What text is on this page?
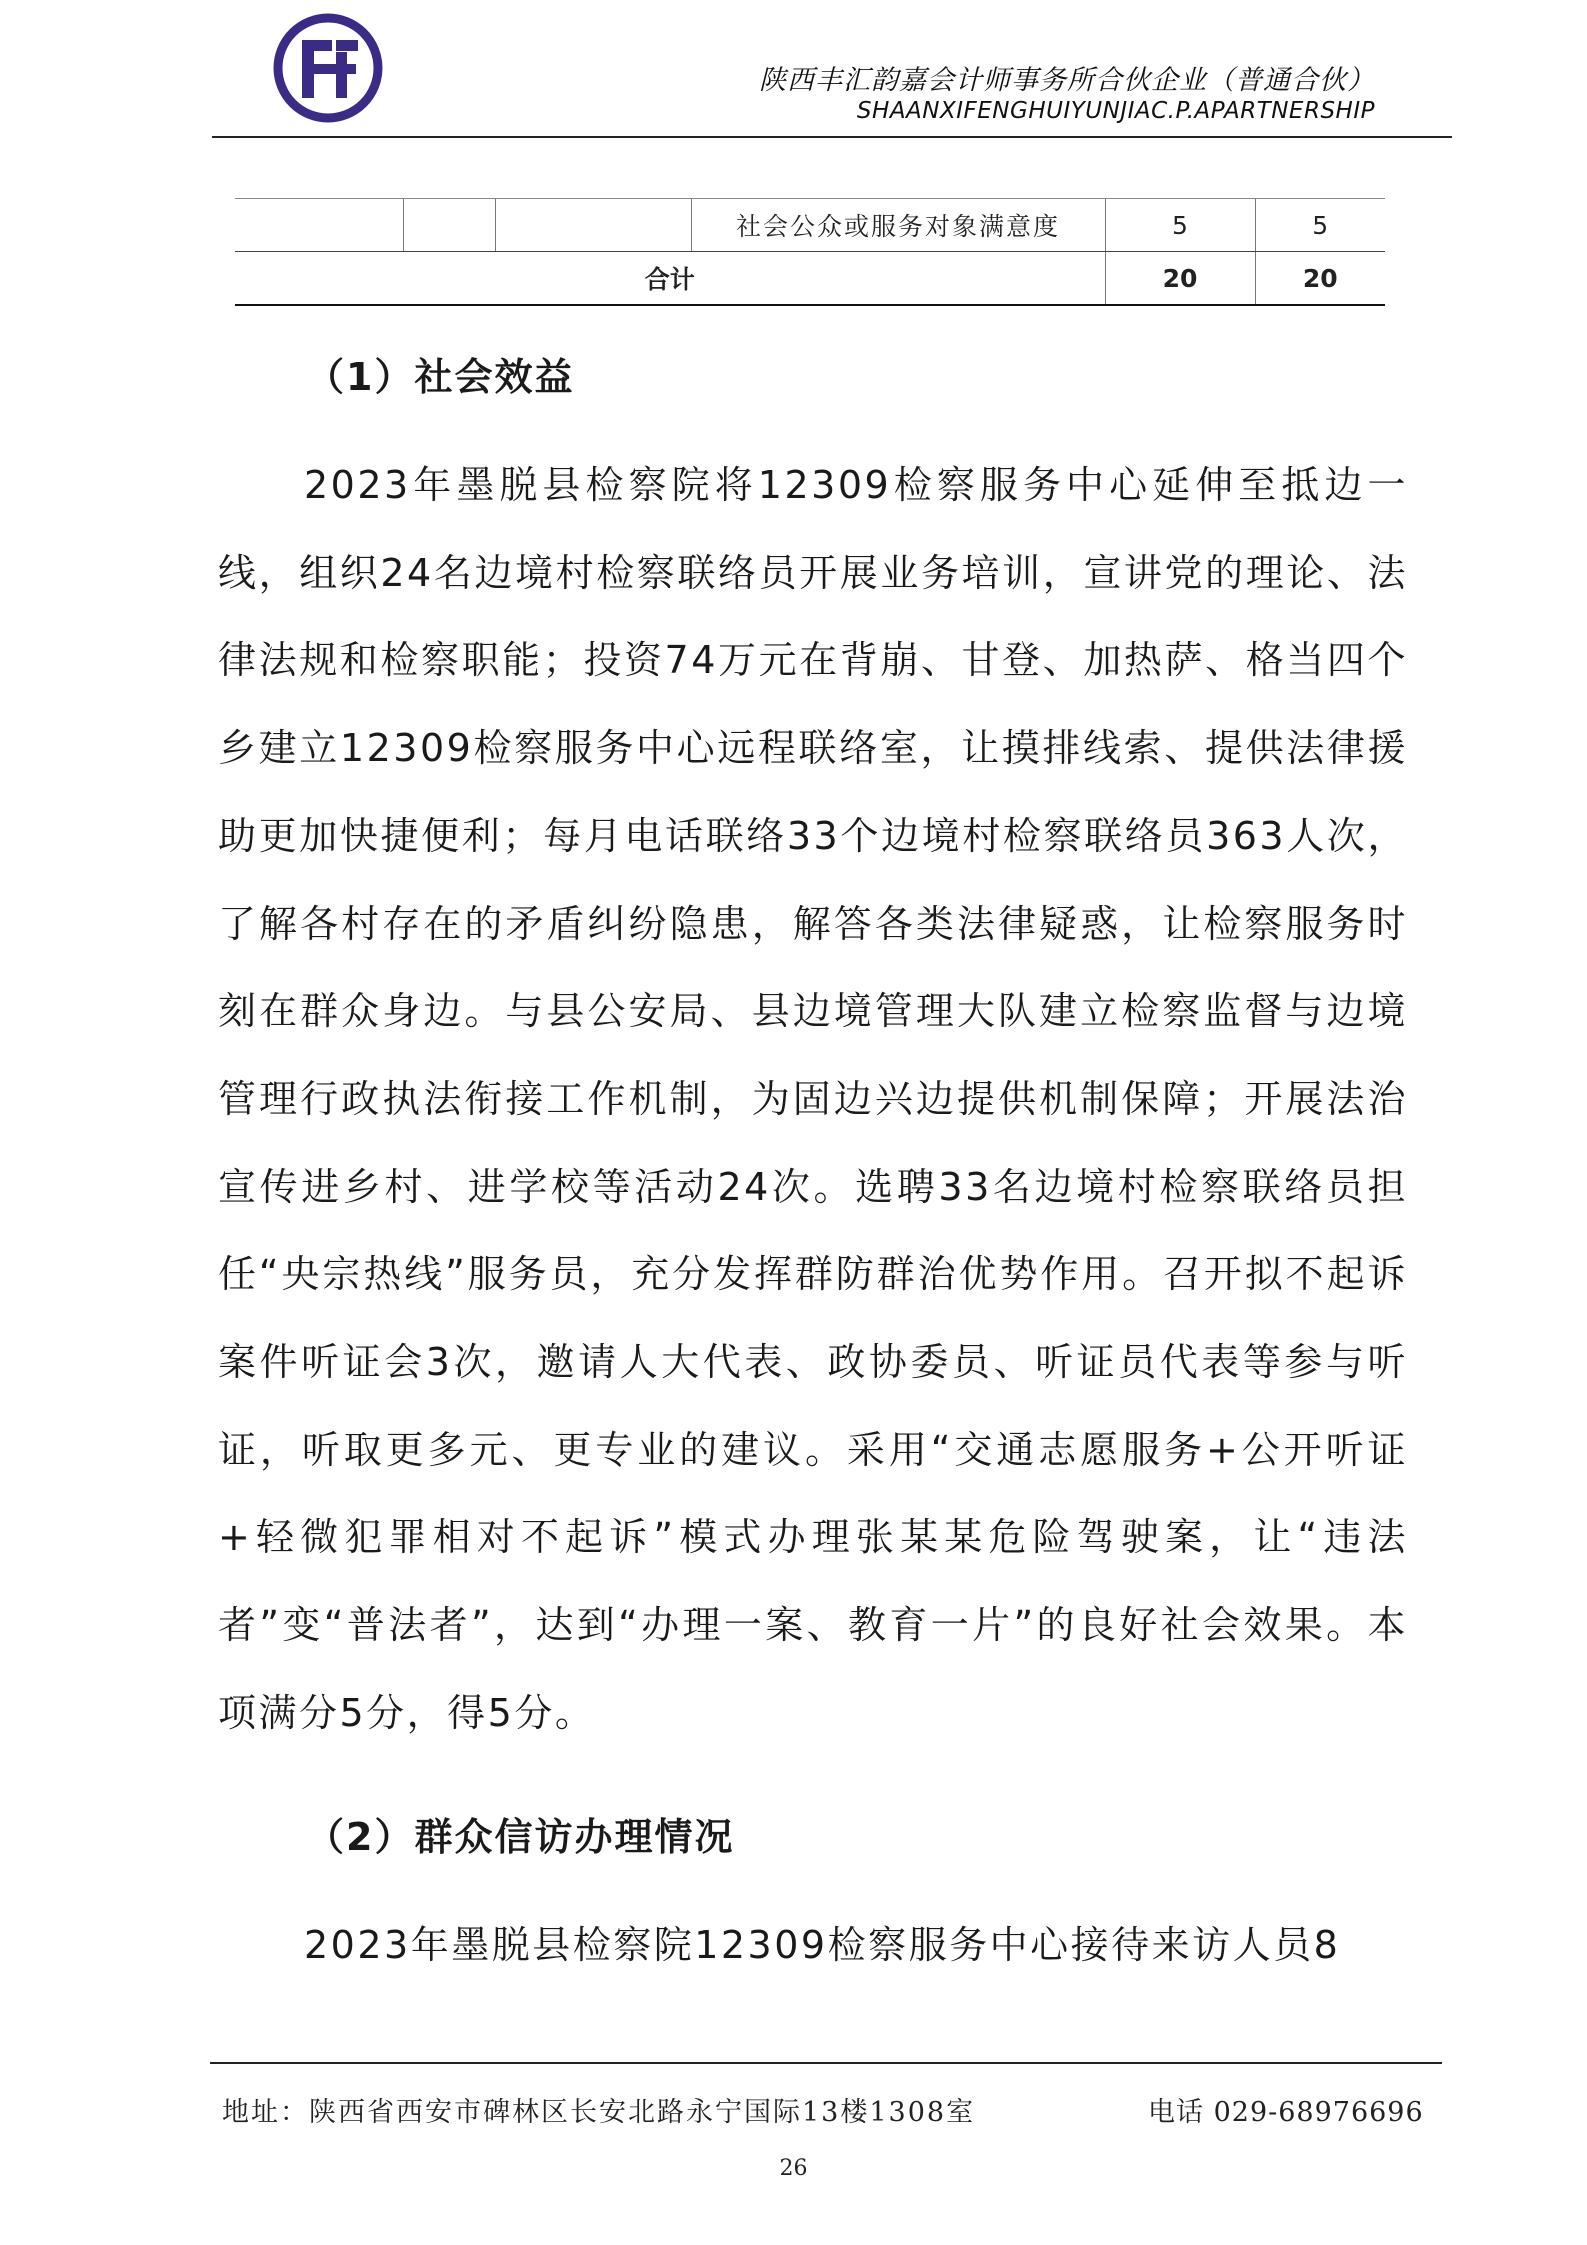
陕西丰汇韵嘉会计师事务所合伙企业（普通合伙）
SHAANXIFENGHUIYUNJIAC.P.APARTNERSHIP
			社会公众或服务对象满意度	5	5
合计				20	20
（1）社会效益

2023年墨脱县检察院将12309检察服务中心延伸至抵边一线，组织24名边境村检察联络员开展业务培训，宣讲党的理论、法律法规和检察职能；投资74万元在背崩、甘登、加热萨、格当四个乡建立12309检察服务中心远程联络室，让摸排线索、提供法律援助更加快捷便利；每月电话联络33个边境村检察联络员363人次，了解各村存在的矛盾纠纷隐患，解答各类法律疑惑，让检察服务时刻在群众身边。与县公安局、县边境管理大队建立检察监督与边境管理行政执法衔接工作机制，为固边兴边提供机制保障；开展法治宣传进乡村、进学校等活动24次。选聘33名边境村检察联络员担任“央宗热线”服务员，充分发挥群防群治优势作用。召开拟不起诉案件听证会3次，邀请人大代表、政协委员、听证员代表等参与听证，听取更多元、更专业的建议。采用“交通志愿服务+公开听证+轻微犯罪相对不起诉”模式办理张某某危险驾驶案，让“违法者”变“普法者”，达到“办理一案、教育一片”的良好社会效果。本项满分5分，得5分。

（2）群众信访办理情况

2023年墨脱县检察院12309检察服务中心接待来访人员8

地址：陕西省西安市碑林区长安北路永宁国际13楼1308室	电话 029-68976696
26
